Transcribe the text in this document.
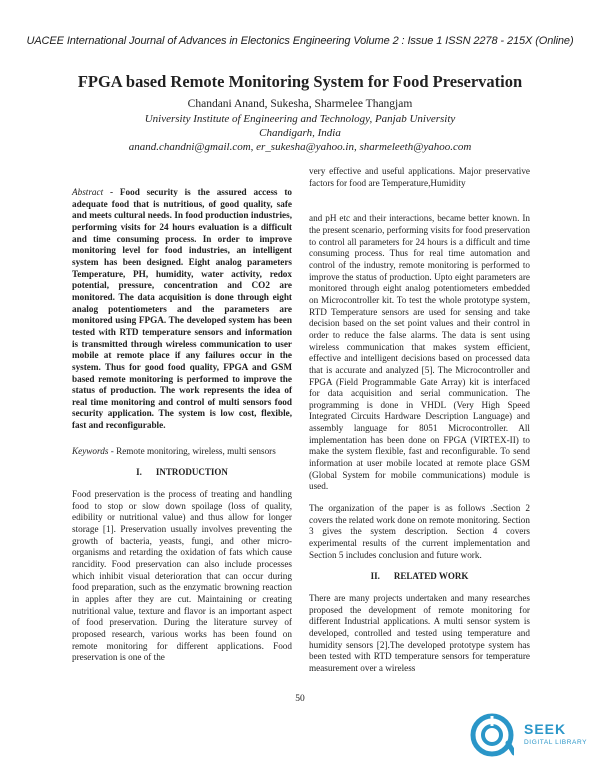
UACEE International Journal of Advances in Electonics Engineering Volume 2 : Issue 1 ISSN 2278 - 215X (Online)
FPGA based Remote Monitoring System for Food Preservation
Chandani Anand, Sukesha, Sharmelee Thangjam
University Institute of Engineering and Technology, Panjab University
Chandigarh, India
anand.chandni@gmail.com, er_sukesha@yahoo.in, sharmeleeth@yahoo.com

Abstract - Food security is the assured access to adequate food that is nutritious, of good quality, safe and meets cultural needs. In food production industries, performing visits for 24 hours evaluation is a difficult and time consuming process. In order to improve monitoring level for food industries, an intelligent system has been designed. Eight analog parameters Temperature, PH, humidity, water activity, redox potential, pressure, concentration and CO2 are monitored. The data acquisition is done through eight analog potentiometers and the parameters are monitored using FPGA. The developed system has been tested with RTD temperature sensors and information is transmitted through wireless communication to user mobile at remote place if any failures occur in the system. Thus for good food quality, FPGA and GSM based remote monitoring is performed to improve the status of production. The work represents the idea of real time monitoring and control of multi sensors food security application. The system is low cost, flexible, fast and reconfigurable.

Keywords - Remote monitoring, wireless, multi sensors

I. INTRODUCTION

Food preservation is the process of treating and handling food to stop or slow down spoilage (loss of quality, edibility or nutritional value) and thus allow for longer storage [1]. Preservation usually involves preventing the growth of bacteria, yeasts, fungi, and other micro-organisms and retarding the oxidation of fats which cause rancidity. Food preservation can also include processes which inhibit visual deterioration that can occur during food preparation, such as the enzymatic browning reaction in apples after they are cut. Maintaining or creating nutritional value, texture and flavor is an important aspect of food preservation. During the literature survey of proposed research, various works has been found on remote monitoring for different applications. Food preservation is one of the

very effective and useful applications. Major preservative factors for food are Temperature,Humidity

and pH etc and their interactions, became better known. In the present scenario, performing visits for food preservation to control all parameters for 24 hours is a difficult and time consuming process. Thus for real time automation and control of the industry, remote monitoring is performed to improve the status of production. Upto eight parameters are monitored through eight analog potentiometers embedded on Microcontroller kit. To test the whole prototype system, RTD Temperature sensors are used for sensing and take decision based on the set point values and their control in order to reduce the false alarms. The data is sent using wireless communication that makes system efficient, effective and intelligent decisions based on processed data that is accurate and analyzed [5]. The Microcontroller and FPGA (Field Programmable Gate Array) kit is interfaced for data acquisition and serial communication. The programming is done in VHDL (Very High Speed Integrated Circuits Hardware Description Language) and assembly language for 8051 Microcontroller. All implementation has been done on FPGA (VIRTEX-II) to make the system flexible, fast and reconfigurable. To send information at user mobile located at remote place GSM (Global System for mobile communications) module is used.

The organization of the paper is as follows .Section 2 covers the related work done on remote monitoring. Section 3 gives the system description. Section 4 covers experimental results of the current implementation and Section 5 includes conclusion and future work.

II. RELATED WORK

There are many projects undertaken and many researches proposed the development of remote monitoring for different Industrial applications. A multi sensor system is developed, controlled and tested using temperature and humidity sensors [2].The developed prototype system has been tested with RTD temperature sensors for temperature measurement over a wireless

50
SEEK
DIGITAL LIBRARY
